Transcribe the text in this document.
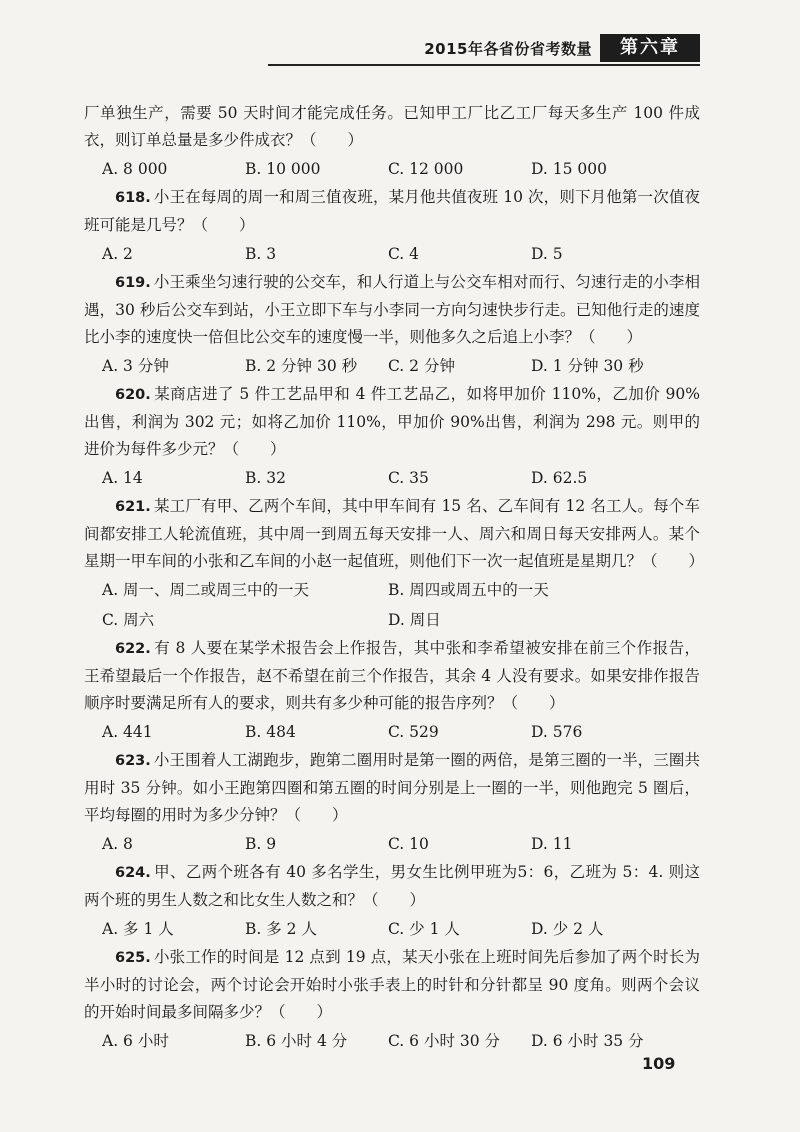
2015年各省份省考数量	第六章

厂单独生产，需要 50 天时间才能完成任务。已知甲工厂比乙工厂每天多生产 100 件成衣，则订单总量是多少件成衣？（　　）

A. 8 000	B. 10 000	C. 12 000	D. 15 000

618. 小王在每周的周一和周三值夜班，某月他共值夜班 10 次，则下月他第一次值夜班可能是几号？（　　）

A. 2	B. 3	C. 4	D. 5

619. 小王乘坐匀速行驶的公交车，和人行道上与公交车相对而行、匀速行走的小李相遇，30 秒后公交车到站，小王立即下车与小李同一方向匀速快步行走。已知他行走的速度比小李的速度快一倍但比公交车的速度慢一半，则他多久之后追上小李？（　　）

A. 3 分钟	B. 2 分钟 30 秒	C. 2 分钟	D. 1 分钟 30 秒

620. 某商店进了 5 件工艺品甲和 4 件工艺品乙，如将甲加价 110%，乙加价 90%出售，利润为 302 元；如将乙加价 110%，甲加价 90%出售，利润为 298 元。则甲的进价为每件多少元？（　　）

A. 14	B. 32	C. 35	D. 62.5

621. 某工厂有甲、乙两个车间，其中甲车间有 15 名、乙车间有 12 名工人。每个车间都安排工人轮流值班，其中周一到周五每天安排一人、周六和周日每天安排两人。某个星期一甲车间的小张和乙车间的小赵一起值班，则他们下一次一起值班是星期几？（　　）

A. 周一、周二或周三中的一天	B. 周四或周五中的一天
C. 周六	D. 周日

622. 有 8 人要在某学术报告会上作报告，其中张和李希望被安排在前三个作报告，王希望最后一个作报告，赵不希望在前三个作报告，其余 4 人没有要求。如果安排作报告顺序时要满足所有人的要求，则共有多少种可能的报告序列？（　　）

A. 441	B. 484	C. 529	D. 576

623. 小王围着人工湖跑步，跑第二圈用时是第一圈的两倍，是第三圈的一半，三圈共用时 35 分钟。如小王跑第四圈和第五圈的时间分别是上一圈的一半，则他跑完 5 圈后，平均每圈的用时为多少分钟？（　　）

A. 8	B. 9	C. 10	D. 11

624. 甲、乙两个班各有 40 多名学生，男女生比例甲班为5：6，乙班为 5：4. 则这两个班的男生人数之和比女生人数之和？（　　）

A. 多 1 人	B. 多 2 人	C. 少 1 人	D. 少 2 人

625. 小张工作的时间是 12 点到 19 点，某天小张在上班时间先后参加了两个时长为半小时的讨论会，两个讨论会开始时小张手表上的时针和分针都呈 90 度角。则两个会议的开始时间最多间隔多少？（　　）

A. 6 小时	B. 6 小时 4 分	C. 6 小时 30 分	D. 6 小时 35 分
109
